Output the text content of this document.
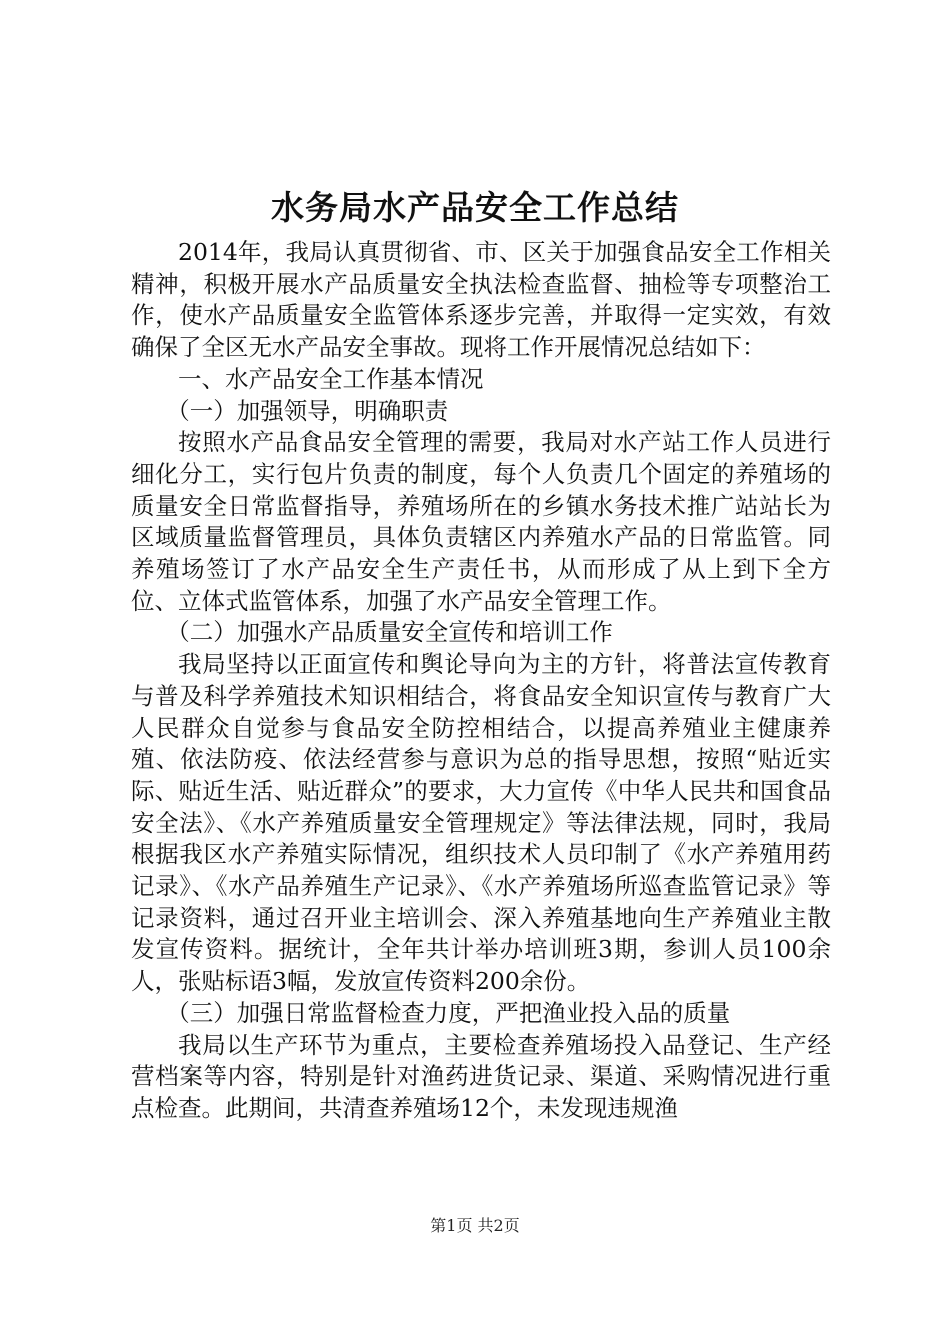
水务局水产品安全工作总结

2014年，我局认真贯彻省、市、区关于加强食品安全工作相关精神，积极开展水产品质量安全执法检查监督、抽检等专项整治工作，使水产品质量安全监管体系逐步完善，并取得一定实效，有效确保了全区无水产品安全事故。现将工作开展情况总结如下：

一、水产品安全工作基本情况

（一）加强领导，明确职责

按照水产品食品安全管理的需要，我局对水产站工作人员进行细化分工，实行包片负责的制度，每个人负责几个固定的养殖场的质量安全日常监督指导，养殖场所在的乡镇水务技术推广站站长为区域质量监督管理员，具体负责辖区内养殖水产品的日常监管。同养殖场签订了水产品安全生产责任书，从而形成了从上到下全方位、立体式监管体系，加强了水产品安全管理工作。

（二）加强水产品质量安全宣传和培训工作

我局坚持以正面宣传和舆论导向为主的方针，将普法宣传教育与普及科学养殖技术知识相结合，将食品安全知识宣传与教育广大人民群众自觉参与食品安全防控相结合，以提高养殖业主健康养殖、依法防疫、依法经营参与意识为总的指导思想，按照“贴近实际、贴近生活、贴近群众”的要求，大力宣传《中华人民共和国食品安全法》、《水产养殖质量安全管理规定》等法律法规，同时，我局根据我区水产养殖实际情况，组织技术人员印制了《水产养殖用药记录》、《水产品养殖生产记录》、《水产养殖场所巡查监管记录》等记录资料，通过召开业主培训会、深入养殖基地向生产养殖业主散发宣传资料。据统计，全年共计举办培训班3期，参训人员100余人，张贴标语3幅，发放宣传资料200余份。

（三）加强日常监督检查力度，严把渔业投入品的质量

我局以生产环节为重点，主要检查养殖场投入品登记、生产经营档案等内容，特别是针对渔药进货记录、渠道、采购情况进行重点检查。此期间，共清查养殖场12个，未发现违规渔

第1页 共2页
